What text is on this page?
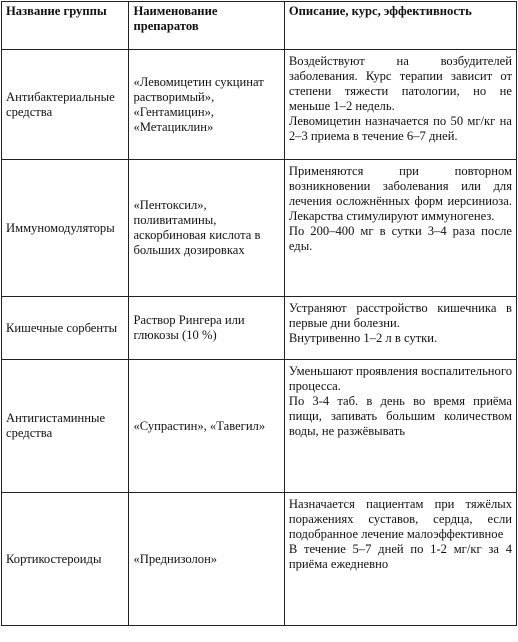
Название группы	Наименование препаратов	Описание, курс, эффективность
Антибактериальные средства	«Левомицетин сукцинат растворимый», «Гентамицин», «Метациклин»	Воздействуют на возбудителей заболевания. Курс терапии зависит от степени тяжести патологии, но не меньше 1–2 недель.

Левомицетин назначается по 50 мг/кг на 2–3 приема в течение 6–7 дней.

Иммуномодуляторы	«Пентоксил», поливитамины, аскорбиновая кислота в больших дозировках	Применяются при повторном возникновении заболевания или для лечения осложнённых форм иерсиниоза. Лекарства стимулируют иммуногенез.

По 200–400 мг в сутки 3–4 раза после еды.

Кишечные сорбенты	Раствор Рингера или глюкозы (10 %)	Устраняют расстройство кишечника в первые дни болезни.

Внутривенно 1–2 л в сутки.

Антигистаминные средства	«Супрастин», «Тавегил»	Уменьшают проявления воспалительного процесса.

По 3-4 таб. в день во время приёма пищи, запивать большим количеством воды, не разжёвывать

Кортикостероиды	«Преднизолон»	Назначается пациентам при тяжёлых поражениях суставов, сердца, если подобранное лечение малоэффективное

В течение 5–7 дней по 1-2 мг/кг за 4 приёма ежедневно
